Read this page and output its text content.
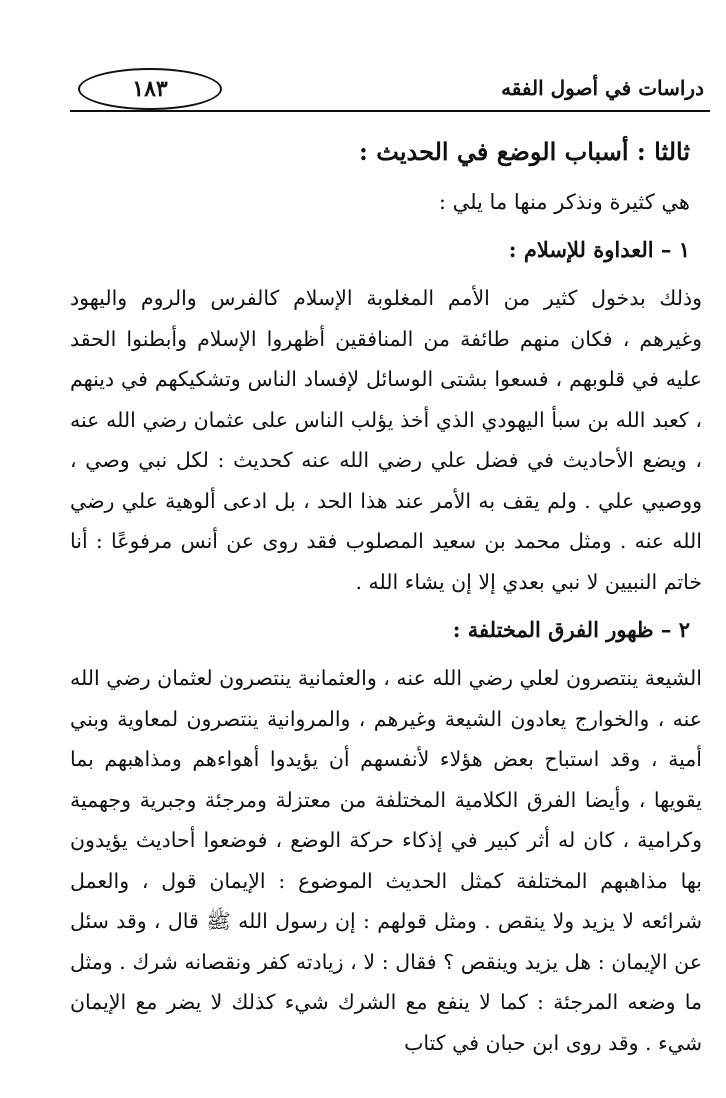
١٨٣	دراسات في أصول الفقه
ثالثا : أسباب الوضع في الحديث :
هي كثيرة ونذكر منها ما يلي :
١ – العداوة للإسلام :

وذلك بدخول كثير من الأمم المغلوبة الإسلام كالفرس والروم واليهود وغيرهم ، فكان منهم طائفة من المنافقين أظهروا الإسلام وأبطنوا الحقد عليه في قلوبهم ، فسعوا بشتى الوسائل لإفساد الناس وتشكيكهم في دينهم ، كعبد الله بن سبأ اليهودي الذي أخذ يؤلب الناس على عثمان رضي الله عنه ، ويضع الأحاديث في فضل علي رضي الله عنه كحديث : لكل نبي وصي ، ووصيي علي . ولم يقف به الأمر عند هذا الحد ، بل ادعى ألوهية علي رضي الله عنه . ومثل محمد بن سعيد المصلوب فقد روى عن أنس مرفوعًا : أنا خاتم النبيين لا نبي بعدي إلا إن يشاء الله .

٢ – ظهور الفرق المختلفة :

الشيعة ينتصرون لعلي رضي الله عنه ، والعثمانية ينتصرون لعثمان رضي الله عنه ، والخوارج يعادون الشيعة وغيرهم ، والمروانية ينتصرون لمعاوية وبني أمية ، وقد استباح بعض هؤلاء لأنفسهم أن يؤيدوا أهواءهم ومذاهبهم بما يقويها ، وأيضا الفرق الكلامية المختلفة من معتزلة ومرجئة وجبرية وجهمية وكرامية ، كان له أثر كبير في إذكاء حركة الوضع ، فوضعوا أحاديث يؤيدون بها مذاهبهم المختلفة كمثل الحديث الموضوع : الإيمان قول ، والعمل شرائعه لا يزيد ولا ينقص . ومثل قولهم : إن رسول الله ﷺ قال ، وقد سئل عن الإيمان : هل يزيد وينقص ؟ فقال : لا ، زيادته كفر ونقصانه شرك . ومثل ما وضعه المرجئة : كما لا ينفع مع الشرك شيء كذلك لا يضر مع الإيمان شيء . وقد روى ابن حبان في كتاب
